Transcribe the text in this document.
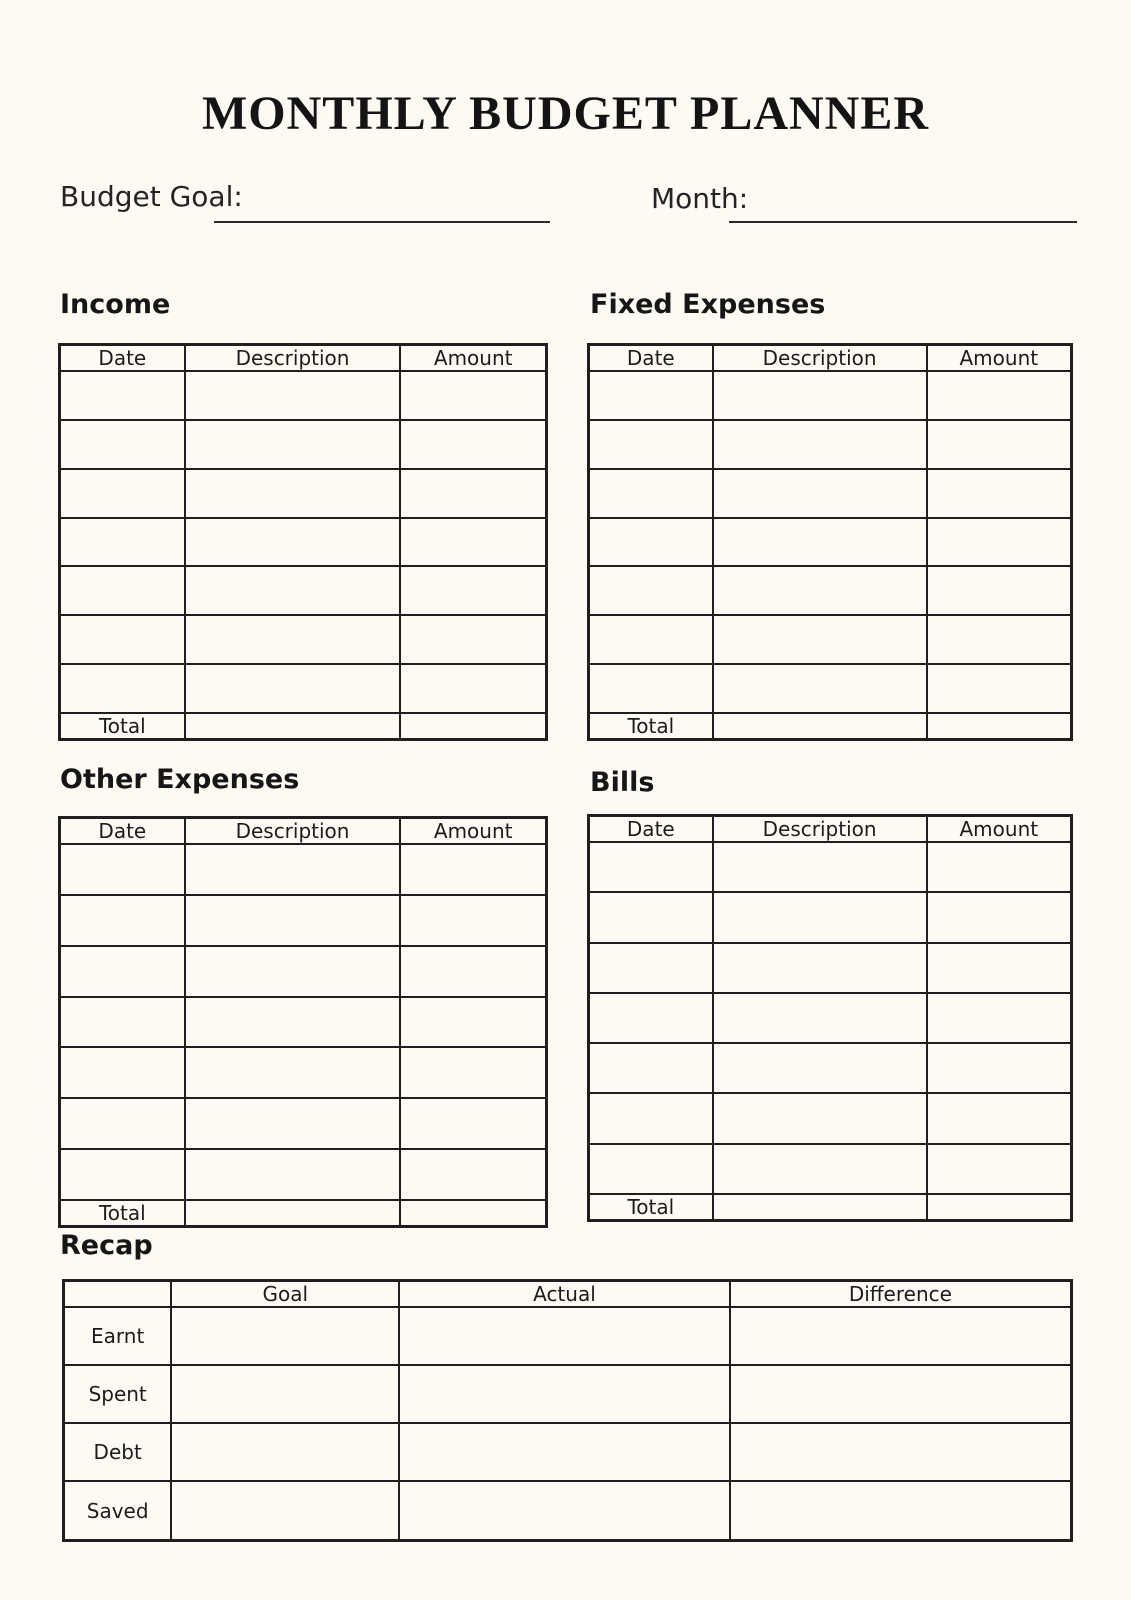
MONTHLY BUDGET PLANNER
Budget Goal:	Month:
Income	Fixed Expenses
Date	Description	Amount

Total		
Date	Description	Amount

Total		
Other Expenses	Bills
Date	Description	Amount

Total		
Date	Description	Amount

Total		
Recap
	Goal	Actual	Difference
Earnt			
Spent			
Debt			
Saved			
